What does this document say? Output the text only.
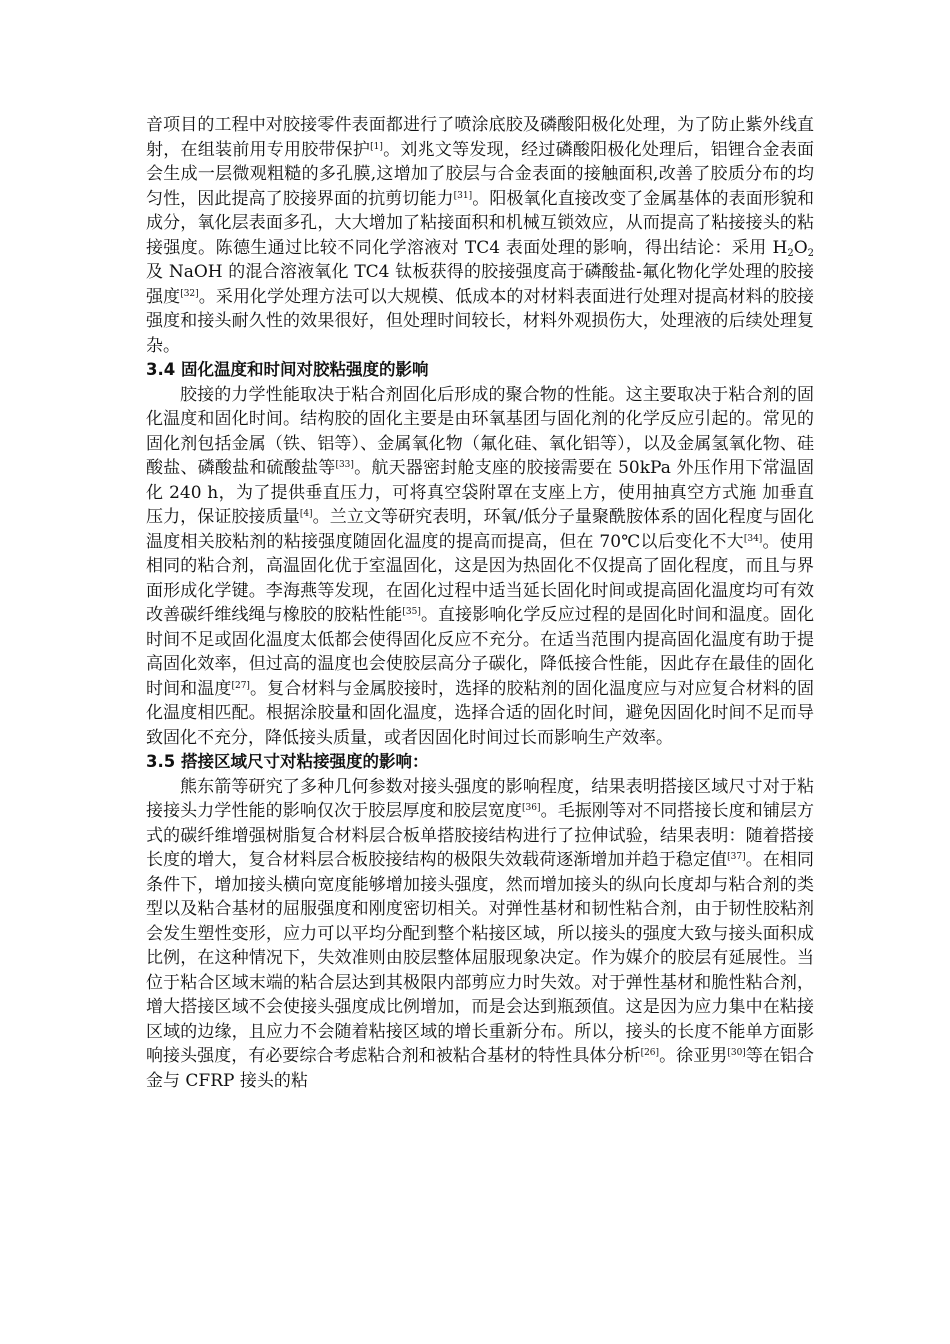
音项目的工程中对胶接零件表面都进行了喷涂底胶及磷酸阳极化处理，为了防止紫外线直射，在组装前用专用胶带保护[1]。刘兆文等发现，经过磷酸阳极化处理后，铝锂合金表面会生成一层微观粗糙的多孔膜,这增加了胶层与合金表面的接触面积,改善了胶质分布的均匀性，因此提高了胶接界面的抗剪切能力[31]。阳极氧化直接改变了金属基体的表面形貌和成分，氧化层表面多孔，大大增加了粘接面积和机械互锁效应，从而提高了粘接接头的粘接强度。陈德生通过比较不同化学溶液对 TC4 表面处理的影响，得出结论：采用 $H_2O_2$及 NaOH 的混合溶液氧化 TC4 钛板获得的胶接强度高于磷酸盐-氟化物化学处理的胶接强度[32]。采用化学处理方法可以大规模、低成本的对材料表面进行处理对提高材料的胶接强度和接头耐久性的效果很好，但处理时间较长，材料外观损伤大，处理液的后续处理复杂。

3.4 固化温度和时间对胶粘强度的影响

胶接的力学性能取决于粘合剂固化后形成的聚合物的性能。这主要取决于粘合剂的固化温度和固化时间。结构胶的固化主要是由环氧基团与固化剂的化学反应引起的。常见的固化剂包括金属（铁、铝等）、金属氧化物（氟化硅、氧化铝等），以及金属氢氧化物、硅酸盐、磷酸盐和硫酸盐等[33]。航天器密封舱支座的胶接需要在 50kPa 外压作用下常温固化 240 h，为了提供垂直压力，可将真空袋附罩在支座上方，使用抽真空方式施 加垂直压力，保证胶接质量[4]。兰立文等研究表明，环氧/低分子量聚酰胺体系的固化程度与固化温度相关胶粘剂的粘接强度随固化温度的提高而提高，但在 70℃以后变化不大[34]。使用相同的粘合剂，高温固化优于室温固化，这是因为热固化不仅提高了固化程度，而且与界面形成化学键。李海燕等发现，在固化过程中适当延长固化时间或提高固化温度均可有效改善碳纤维线绳与橡胶的胶粘性能[35]。直接影响化学反应过程的是固化时间和温度。固化时间不足或固化温度太低都会使得固化反应不充分。在适当范围内提高固化温度有助于提高固化效率，但过高的温度也会使胶层高分子碳化，降低接合性能，因此存在最佳的固化时间和温度[27]。复合材料与金属胶接时，选择的胶粘剂的固化温度应与对应复合材料的固化温度相匹配。根据涂胶量和固化温度，选择合适的固化时间，避免因固化时间不足而导致固化不充分，降低接头质量，或者因固化时间过长而影响生产效率。

3.5 搭接区域尺寸对粘接强度的影响：

熊东箭等研究了多种几何参数对接头强度的影响程度，结果表明搭接区域尺寸对于粘接接头力学性能的影响仅次于胶层厚度和胶层宽度[36]。毛振刚等对不同搭接长度和铺层方式的碳纤维增强树脂复合材料层合板单搭胶接结构进行了拉伸试验，结果表明：随着搭接长度的增大，复合材料层合板胶接结构的极限失效载荷逐渐增加并趋于稳定值[37]。在相同条件下，增加接头横向宽度能够增加接头强度，然而增加接头的纵向长度却与粘合剂的类型以及粘合基材的屈服强度和刚度密切相关。对弹性基材和韧性粘合剂，由于韧性胶粘剂会发生塑性变形，应力可以平均分配到整个粘接区域，所以接头的强度大致与接头面积成比例，在这种情况下，失效准则由胶层整体屈服现象决定。作为媒介的胶层有延展性。当位于粘合区域末端的粘合层达到其极限内部剪应力时失效。对于弹性基材和脆性粘合剂，增大搭接区域不会使接头强度成比例增加，而是会达到瓶颈值。这是因为应力集中在粘接区域的边缘，且应力不会随着粘接区域的增长重新分布。所以，接头的长度不能单方面影响接头强度，有必要综合考虑粘合剂和被粘合基材的特性具体分析[26]。徐亚男[30]等在铝合金与 CFRP 接头的粘
